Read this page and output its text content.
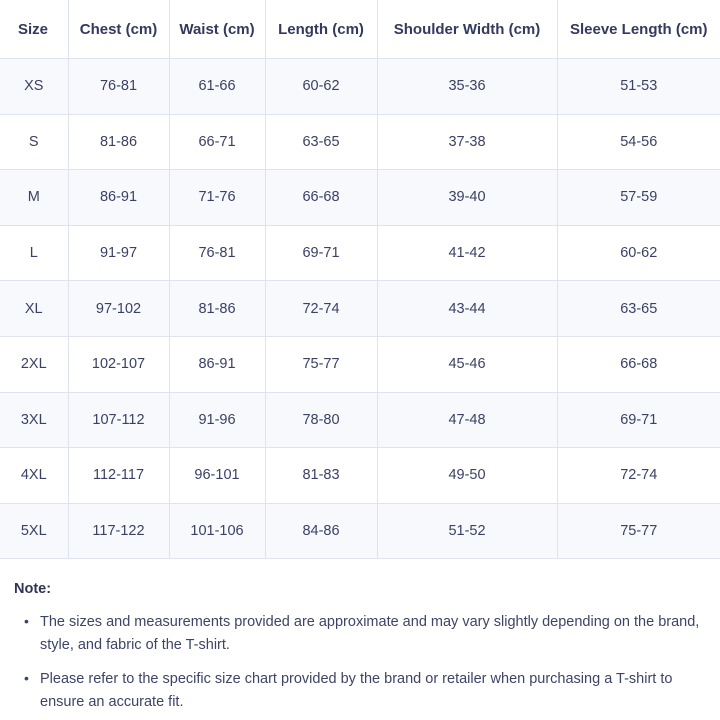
Size	Chest (cm)	Waist (cm)	Length (cm)	Shoulder Width (cm)	Sleeve Length (cm)
XS	76-81	61-66	60-62	35-36	51-53
S	81-86	66-71	63-65	37-38	54-56
M	86-91	71-76	66-68	39-40	57-59
L	91-97	76-81	69-71	41-42	60-62
XL	97-102	81-86	72-74	43-44	63-65
2XL	102-107	86-91	75-77	45-46	66-68
3XL	107-112	91-96	78-80	47-48	69-71
4XL	112-117	96-101	81-83	49-50	72-74
5XL	117-122	101-106	84-86	51-52	75-77
Note:
• The sizes and measurements provided are approximate and may vary slightly depending on the brand, style, and fabric of the T-shirt.
• Please refer to the specific size chart provided by the brand or retailer when purchasing a T-shirt to ensure an accurate fit.
